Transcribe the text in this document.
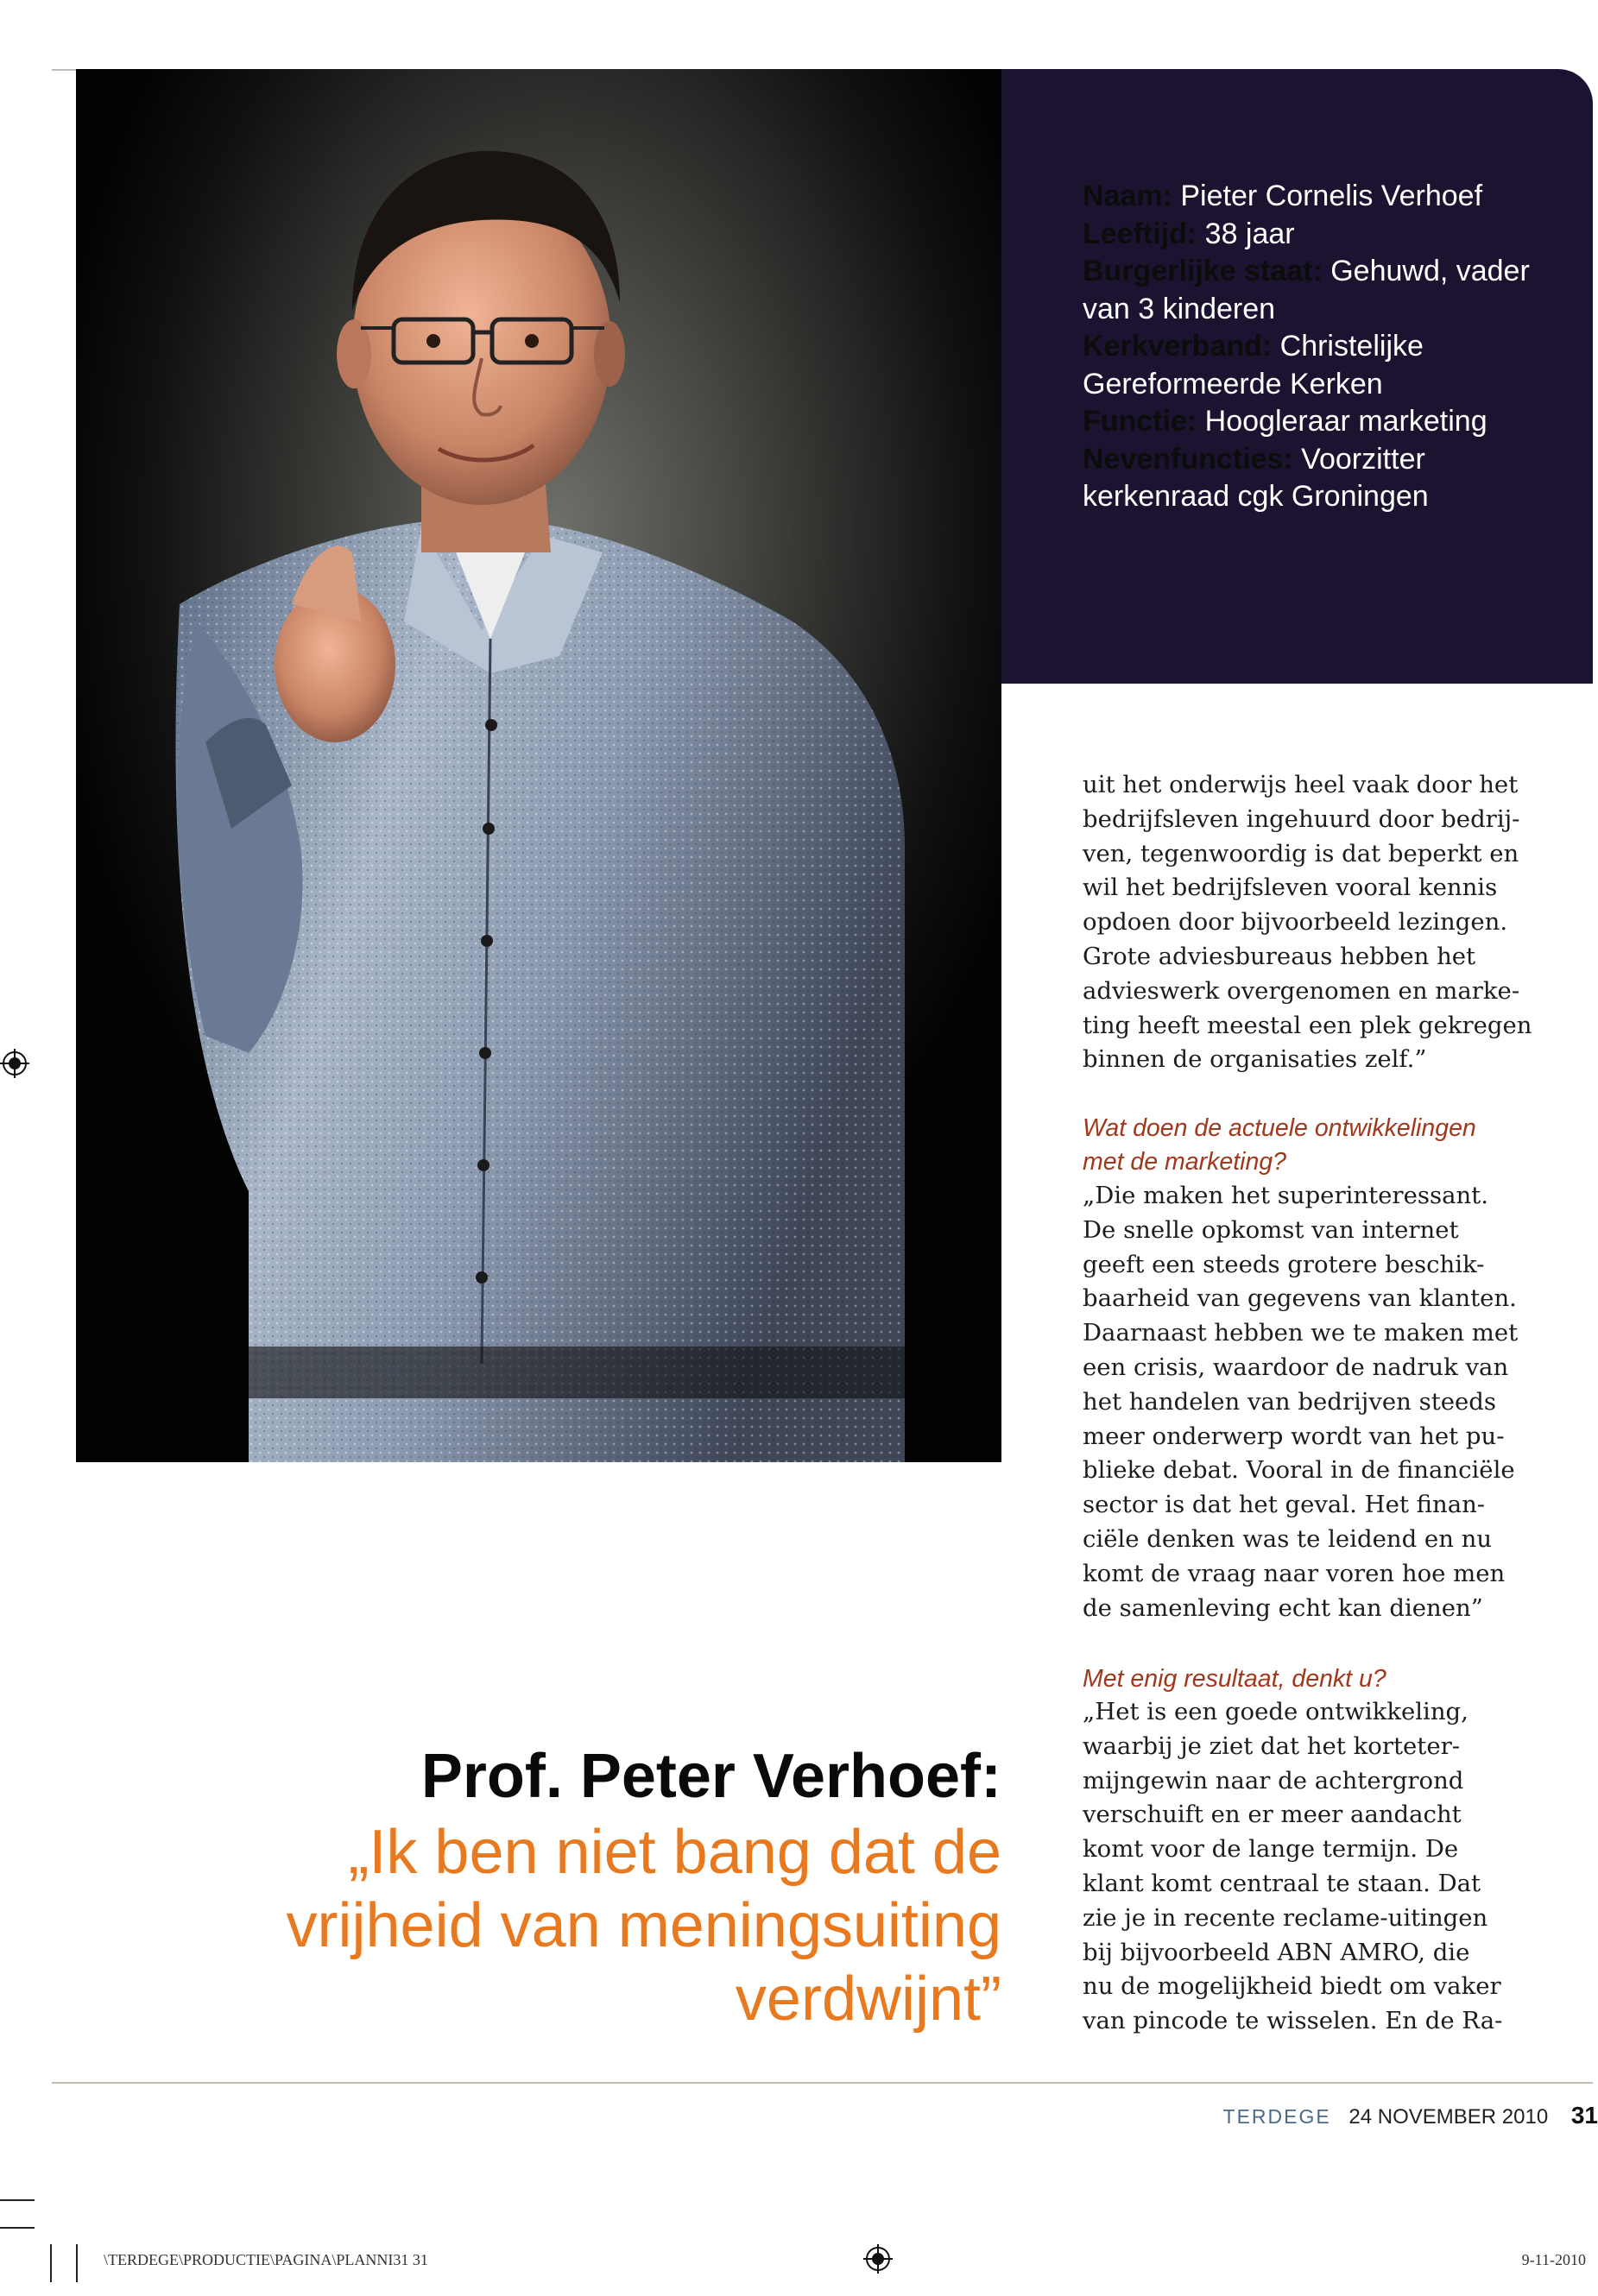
Naam: Pieter Cornelis Verhoef
Leeftijd: 38 jaar
Burgerlijke staat: Gehuwd, vader van 3 kinderen
Kerkverband: Christelijke Gereformeerde Kerken
Functie: Hoogleraar marketing
Nevenfuncties: Voorzitter kerkenraad cgk Groningen
uit het onderwijs heel vaak door het
bedrijfsleven ingehuurd door bedrij-
ven, tegenwoordig is dat beperkt en
wil het bedrijfsleven vooral kennis
opdoen door bijvoorbeeld lezingen.
Grote adviesbureaus hebben het
advieswerk overgenomen en marke-
ting heeft meestal een plek gekregen
binnen de organisaties zelf.”
Wat doen de actuele ontwikkelingen
met de marketing?
„Die maken het superinteressant.
De snelle opkomst van internet
geeft een steeds grotere beschik-
baarheid van gegevens van klanten.
Daarnaast hebben we te maken met
een crisis, waardoor de nadruk van
het handelen van bedrijven steeds
meer onderwerp wordt van het pu-
blieke debat. Vooral in de financiële
sector is dat het geval. Het finan-
ciële denken was te leidend en nu
komt de vraag naar voren hoe men
de samenleving echt kan dienen”
Met enig resultaat, denkt u?
„Het is een goede ontwikkeling,
waarbij je ziet dat het korteter-
mijngewin naar de achtergrond
verschuift en er meer aandacht
komt voor de lange termijn. De
klant komt centraal te staan. Dat
zie je in recente reclame-uitingen
bij bijvoorbeeld ABN AMRO, die
nu de mogelijkheid biedt om vaker
van pincode te wisselen. En de Ra-
Prof. Peter Verhoef:
„Ik ben niet bang dat de
vrijheid van meningsuiting
verdwijnt”
TERDEGE 24 NOVEMBER 2010 31
\TERDEGE\PRODUCTIE\PAGINA\PLANNI31 31	9-11-2010
